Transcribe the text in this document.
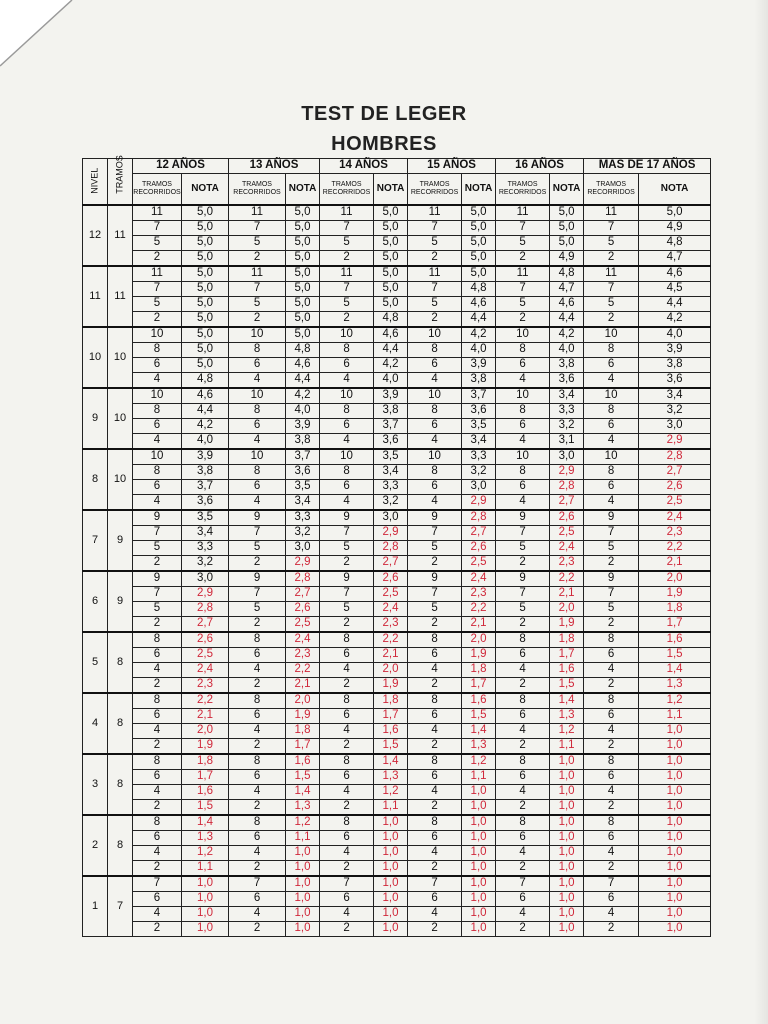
TEST DE LEGER
HOMBRES
NIVEL	TRAMOS	12 AÑOS		13 AÑOS		14 AÑOS		15 AÑOS		16 AÑOS		MAS DE 17 AÑOS	
		TRAMOS RECORRIDOS	NOTA	TRAMOS RECORRIDOS	NOTA	TRAMOS RECORRIDOS	NOTA	TRAMOS RECORRIDOS	NOTA	TRAMOS RECORRIDOS	NOTA	TRAMOS RECORRIDOS	NOTA
12	11	11	5,0	11	5,0	11	5,0	11	5,0	11	5,0	11	5,0
		7	5,0	7	5,0	7	5,0	7	5,0	7	5,0	7	4,9
		5	5,0	5	5,0	5	5,0	5	5,0	5	5,0	5	4,8
		2	5,0	2	5,0	2	5,0	2	5,0	2	4,9	2	4,7
11	11	11	5,0	11	5,0	11	5,0	11	5,0	11	4,8	11	4,6
		7	5,0	7	5,0	7	5,0	7	4,8	7	4,7	7	4,5
		5	5,0	5	5,0	5	5,0	5	4,6	5	4,6	5	4,4
		2	5,0	2	5,0	2	4,8	2	4,4	2	4,4	2	4,2
10	10	10	5,0	10	5,0	10	4,6	10	4,2	10	4,2	10	4,0
		8	5,0	8	4,8	8	4,4	8	4,0	8	4,0	8	3,9
		6	5,0	6	4,6	6	4,2	6	3,9	6	3,8	6	3,8
		4	4,8	4	4,4	4	4,0	4	3,8	4	3,6	4	3,6
9	10	10	4,6	10	4,2	10	3,9	10	3,7	10	3,4	10	3,4
		8	4,4	8	4,0	8	3,8	8	3,6	8	3,3	8	3,2
		6	4,2	6	3,9	6	3,7	6	3,5	6	3,2	6	3,0
		4	4,0	4	3,8	4	3,6	4	3,4	4	3,1	4	2,9
8	10	10	3,9	10	3,7	10	3,5	10	3,3	10	3,0	10	2,8
		8	3,8	8	3,6	8	3,4	8	3,2	8	2,9	8	2,7
		6	3,7	6	3,5	6	3,3	6	3,0	6	2,8	6	2,6
		4	3,6	4	3,4	4	3,2	4	2,9	4	2,7	4	2,5
7	9	9	3,5	9	3,3	9	3,0	9	2,8	9	2,6	9	2,4
		7	3,4	7	3,2	7	2,9	7	2,7	7	2,5	7	2,3
		5	3,3	5	3,0	5	2,8	5	2,6	5	2,4	5	2,2
		2	3,2	2	2,9	2	2,7	2	2,5	2	2,3	2	2,1
6	9	9	3,0	9	2,8	9	2,6	9	2,4	9	2,2	9	2,0
		7	2,9	7	2,7	7	2,5	7	2,3	7	2,1	7	1,9
		5	2,8	5	2,6	5	2,4	5	2,2	5	2,0	5	1,8
		2	2,7	2	2,5	2	2,3	2	2,1	2	1,9	2	1,7
5	8	8	2,6	8	2,4	8	2,2	8	2,0	8	1,8	8	1,6
		6	2,5	6	2,3	6	2,1	6	1,9	6	1,7	6	1,5
		4	2,4	4	2,2	4	2,0	4	1,8	4	1,6	4	1,4
		2	2,3	2	2,1	2	1,9	2	1,7	2	1,5	2	1,3
4	8	8	2,2	8	2,0	8	1,8	8	1,6	8	1,4	8	1,2
		6	2,1	6	1,9	6	1,7	6	1,5	6	1,3	6	1,1
		4	2,0	4	1,8	4	1,6	4	1,4	4	1,2	4	1,0
		2	1,9	2	1,7	2	1,5	2	1,3	2	1,1	2	1,0
3	8	8	1,8	8	1,6	8	1,4	8	1,2	8	1,0	8	1,0
		6	1,7	6	1,5	6	1,3	6	1,1	6	1,0	6	1,0
		4	1,6	4	1,4	4	1,2	4	1,0	4	1,0	4	1,0
		2	1,5	2	1,3	2	1,1	2	1,0	2	1,0	2	1,0
2	8	8	1,4	8	1,2	8	1,0	8	1,0	8	1,0	8	1,0
		6	1,3	6	1,1	6	1,0	6	1,0	6	1,0	6	1,0
		4	1,2	4	1,0	4	1,0	4	1,0	4	1,0	4	1,0
		2	1,1	2	1,0	2	1,0	2	1,0	2	1,0	2	1,0
1	7	7	1,0	7	1,0	7	1,0	7	1,0	7	1,0	7	1,0
		6	1,0	6	1,0	6	1,0	6	1,0	6	1,0	6	1,0
		4	1,0	4	1,0	4	1,0	4	1,0	4	1,0	4	1,0
		2	1,0	2	1,0	2	1,0	2	1,0	2	1,0	2	1,0
